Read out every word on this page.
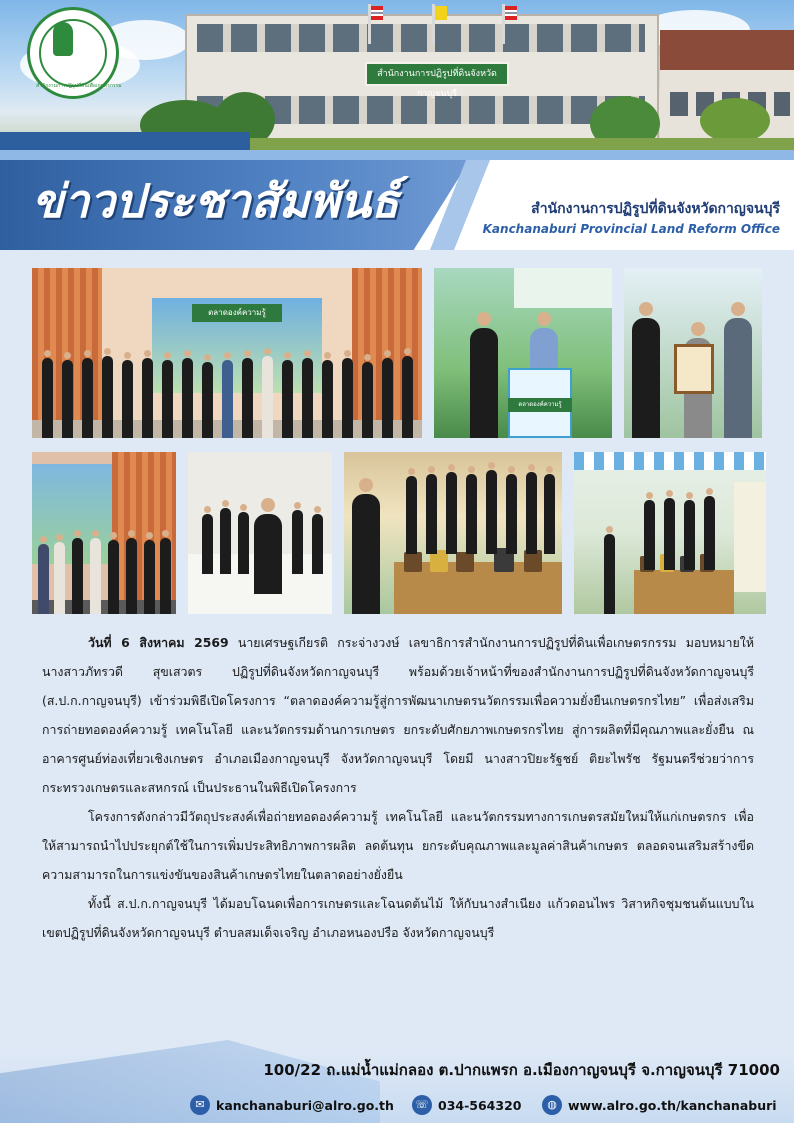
สำนักงานการปฏิรูปที่ดินจังหวัดกาญจนบุรี
สำนักงานการปฏิรูปที่ดินเพื่อเกษตรกรรม
ข่าวประชาสัมพันธ์	สำนักงานการปฏิรูปที่ดินจังหวัดกาญจนบุรี
Kanchanaburi Provincial Land Reform Office
ตลาดองค์ความรู้
ตลาดองค์ความรู้

วันที่ 6 สิงหาคม 2569 นายเศรษฐเกียรติ กระจ่างวงษ์ เลขาธิการสำนักงานการปฏิรูปที่ดินเพื่อเกษตรกรรม มอบหมายให้ นางสาวภัทรวดี สุขเสวตร ปฏิรูปที่ดินจังหวัดกาญจนบุรี พร้อมด้วยเจ้าหน้าที่ของสำนักงานการปฏิรูปที่ดินจังหวัดกาญจนบุรี (ส.ป.ก.กาญจนบุรี) เข้าร่วมพิธีเปิดโครงการ “ตลาดองค์ความรู้สู่การพัฒนาเกษตรนวัตกรรมเพื่อความยั่งยืนเกษตรกรไทย” เพื่อส่งเสริมการถ่ายทอดองค์ความรู้ เทคโนโลยี และนวัตกรรมด้านการเกษตร ยกระดับศักยภาพเกษตรกรไทย สู่การผลิตที่มีคุณภาพและยั่งยืน ณ อาคารศูนย์ท่องเที่ยวเชิงเกษตร อำเภอเมืองกาญจนบุรี จังหวัดกาญจนบุรี โดยมี นางสาวปิยะรัฐชย์ ติยะไพรัช รัฐมนตรีช่วยว่าการกระทรวงเกษตรและสหกรณ์ เป็นประธานในพิธีเปิดโครงการ

โครงการดังกล่าวมีวัตถุประสงค์เพื่อถ่ายทอดองค์ความรู้ เทคโนโลยี และนวัตกรรมทางการเกษตรสมัยใหม่ให้แก่เกษตรกร เพื่อให้สามารถนำไปประยุกต์ใช้ในการเพิ่มประสิทธิภาพการผลิต ลดต้นทุน ยกระดับคุณภาพและมูลค่าสินค้าเกษตร ตลอดจนเสริมสร้างขีดความสามารถในการแข่งขันของสินค้าเกษตรไทยในตลาดอย่างยั่งยืน

ทั้งนี้ ส.ป.ก.กาญจนบุรี ได้มอบโฉนดเพื่อการเกษตรและโฉนดต้นไม้ ให้กับนางสำเนียง แก้วดอนไพร วิสาหกิจชุมชนต้นแบบในเขตปฏิรูปที่ดินจังหวัดกาญจนบุรี ตำบลสมเด็จเจริญ อำเภอหนองปรือ จังหวัดกาญจนบุรี

100/22 ถ.แม่น้ำแม่กลอง ต.ปากแพรก อ.เมืองกาญจนบุรี จ.กาญจนบุรี 71000
✉ kanchanaburi@alro.go.th ☏ 034-564320	◍ www.alro.go.th/kanchanaburi
